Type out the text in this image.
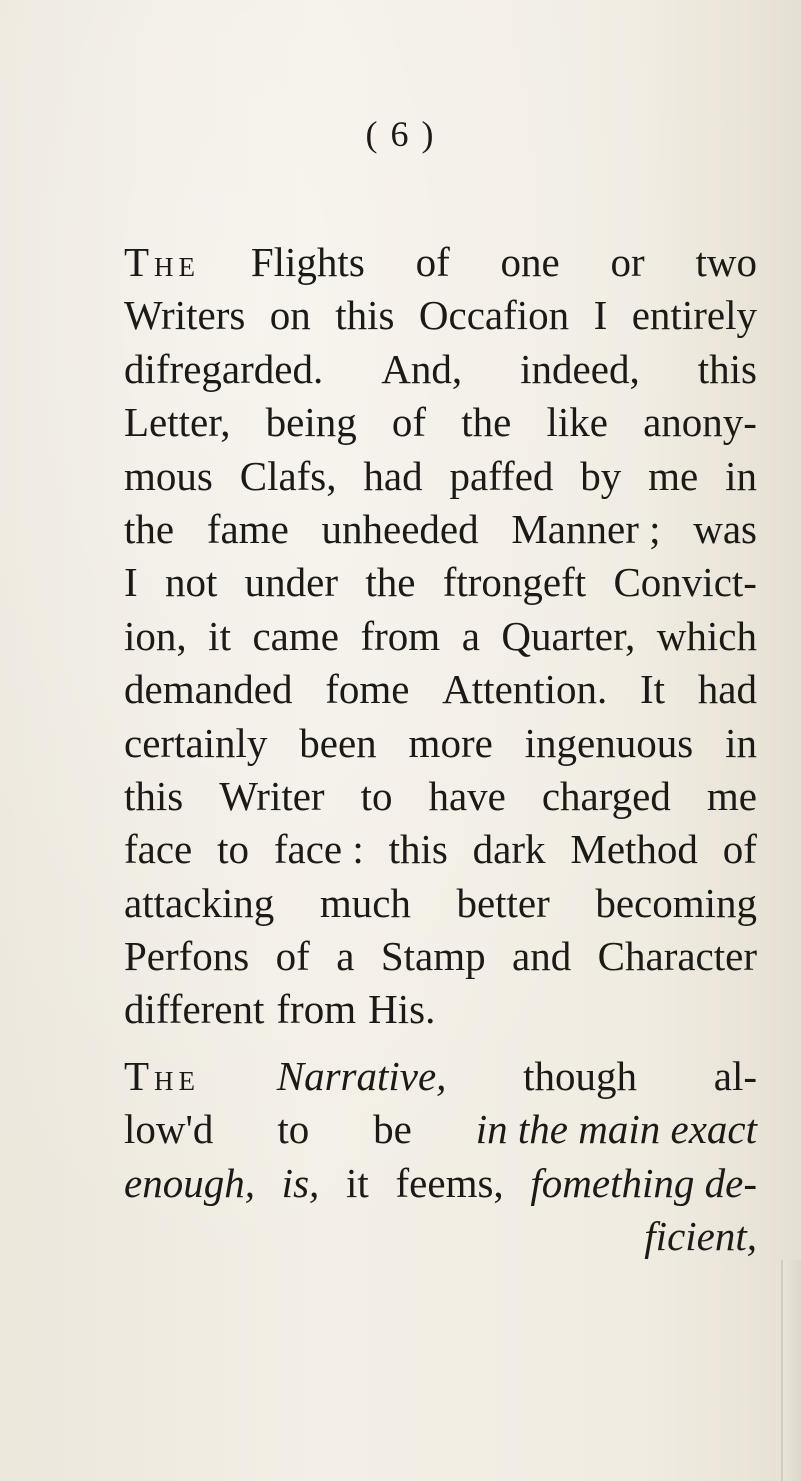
( 6 )
THE Flights of one or two
Writers on this Occafion I entirely
difregarded. And, indeed, this
Letter, being of the like anony-
mous Clafs, had paffed by me in
the fame unheeded Manner ; was
I not under the ftrongeft Convict-
ion, it came from a Quarter, which
demanded fome Attention. It had
certainly been more ingenuous in
this Writer to have charged me
face to face : this dark Method of
attacking much better becoming
Perfons of a Stamp and Character
different from His.
THE Narrative, though al-
low'd to be in the main exact
enough, is, it feems, fomething de-
ficient,
